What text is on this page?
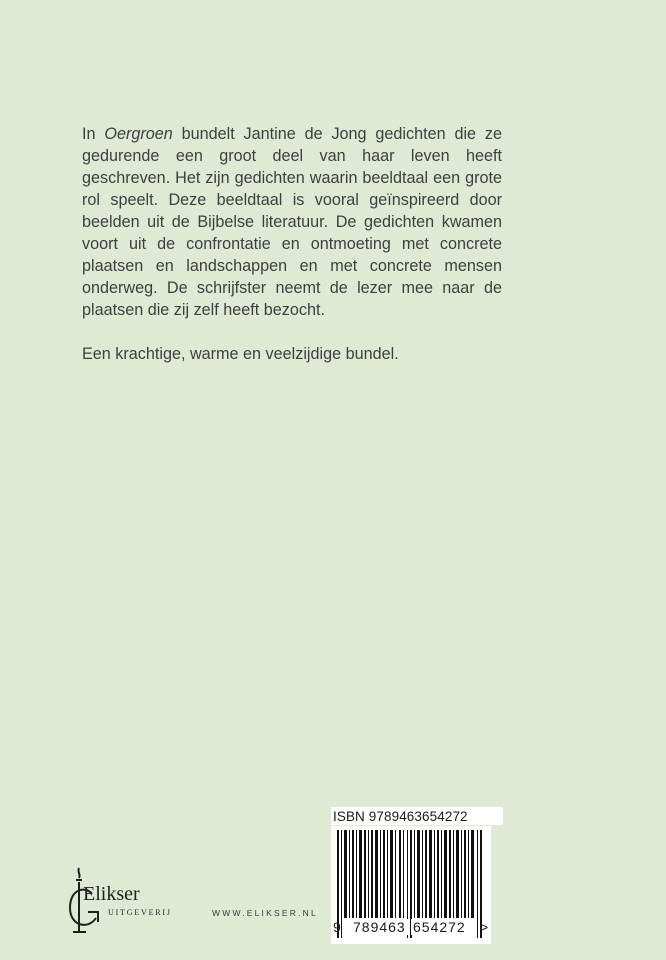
In Oergroen bundelt Jantine de Jong gedichten die ze gedurende een groot deel van haar leven heeft geschreven. Het zijn gedichten waarin beeldtaal een grote rol speelt. Deze beeldtaal is vooral geïnspireerd door beelden uit de Bijbelse literatuur. De gedichten kwamen voort uit de confrontatie en ontmoeting met concrete plaatsen en landschappen en met concrete mensen onderweg. De schrijfster neemt de lezer mee naar de plaatsen die zij zelf heeft bezocht.

Een krachtige, warme en veelzijdige bundel.

ISBN 9789463654272
9 789463 654272 >
Elikser
UITGEVERIJ	WWW.ELIKSER.NL
